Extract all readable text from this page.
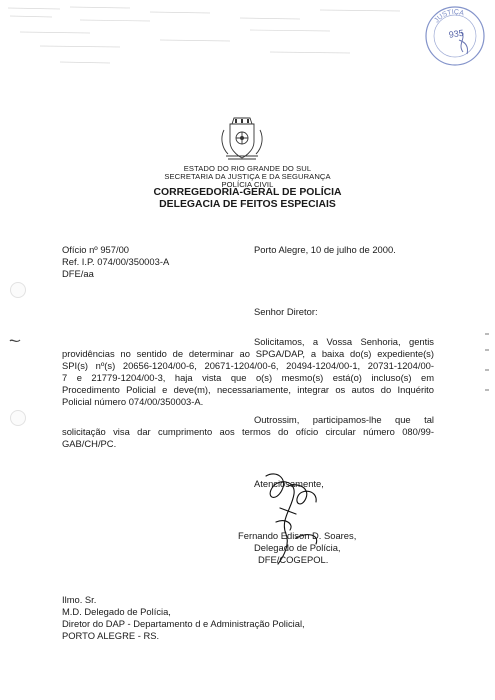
JUSTIÇA
935
ESTADO DO RIO GRANDE DO SUL
SECRETARIA DA JUSTIÇA E DA SEGURANÇA
POLÍCIA CIVIL
CORREGEDORIA-GERAL DE POLÍCIA
DELEGACIA DE FEITOS ESPECIAIS
Ofício nº 957/00
Ref. I.P. 074/00/350003-A
DFE/aa
Porto Alegre, 10 de julho de 2000.
Senhor Diretor:
Solicitamos, a Vossa Senhoria, gentis
providências no sentido de determinar ao SPGA/DAP, a baixa do(s) expediente(s)
SPI(s) nº(s) 20656-1204/00-6, 20671-1204/00-6, 20494-1204/00-1, 20731-1204/00-
7 e 21779-1204/00-3, haja vista que o(s) mesmo(s) está(o) incluso(s) em
Procedimento Policial e deve(m), necessariamente, integrar os autos do Inquérito
Policial número 074/00/350003-A.
Outrossim, participamos-lhe que tal
solicitação visa dar cumprimento aos termos do ofício circular número 080/99-
GAB/CH/PC.
Atenciosamente,
Fernando Edison D. Soares,
Delegado de Polícia,
DFE/COGEPOL.
Ilmo. Sr.
M.D. Delegado de Polícia,
Diretor do DAP - Departamento d e Administração Policial,
PORTO ALEGRE - RS.
